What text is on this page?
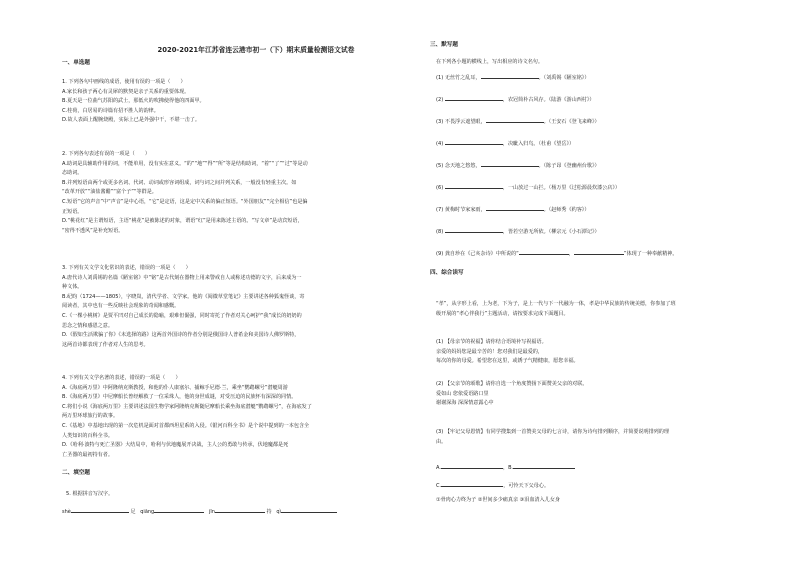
2020-2021年江苏省连云港市初一（下）期末质量检测语文试卷

一、单选题

1. 下列各句中画线的成语，使用有误的一项是（　　）
A.家长和孩子两心有灵犀的默契是亲子关系的重要体现。
B.夏天是一位曲气苏阳的武士，那低火的吹拂使得他的四面甲。
C.桂荷，白居易的诗篇有招不胜人的韵律。
D.故人表面上醒腕烧殿，实际上已是外强中干，不堪一击了。
2. 下列各句表述有误的一项是（　　）
A.助词是具辅助作用的词，不能单用，没有实在意义。“的”“地”“得”“所”等是结构助词，“着”“了”“过”等是动
态助词。
B.并列短语由两个或更多名词、代词、动词或形容词组成，词与词之间并列关系，一般没有轻重主次。如
“改革开放”“油盐酱醋”“富个子”“等群是。
C.短语“它的声音”中“声音”是中心语，“它”是定语，这是定中关系的偏正短语。“外国朋友”“完全相信”也是偏
正短语。
D.“桃花红”是主谓短语，主语“桃花”是被陈述的对象，谓语“红”是用来陈述主语的。“写文章”是动宾短语，
“密得不透风”是补充短语。
3. 下列有关文学文化常识的表述，错误的一项是（　　）
A.唐代诗人刘禹锡的名篇《陋室铭》中“铭”是古代刻在器物上用来警戒自人或称述功德的文字，后来成为一
种文体。
B.纪昀（1724——1805），字晓岚，清代学者、文学家。他的《阅微草堂笔记》主要讲述各种狐鬼怪谈，寄
阅读者，其中也有一些反映社会现象的奇闻和感慨。
C.《一棵小桃树》是贾平凹对自己成长的隐喻，艰难但倔强，同时寄托了作者对关心呵护“我”成长的奶奶的
思念之情和感恩之意。
D.《假如生活欺骗了你》《未选择的路》这两首外国诗的作者分别是俄国诗人普希金和美国诗人佛罗斯特，
这两首诗都表现了作者对人生的思考。
4. 下列有关文学名著的表述，错误的一项是（　　）
A.《海底两万里》中阿隆纳克斯教授，和他的仆人康塞尔、捕鲸手尼德·兰，乘坐“鹦鹉螺号”潜艇周游
B.《海底两万里》中尼摩船长曾经解救了一位采珠人，他的身世成谜，对受压迫的民族怀有深深的同情。
C.将们小说《海底两万里》主要讲述法国生物学家阿隆纳克斯随尼摩船长乘坐海底潜艇“鹦鹉螺号”，在海底发了
两万里环球旅行的故事。
C.《基地》中基地出现的第一次危机是面对首都西坦星系的入侵。《银河百科全书》是个说中提到的一本包含全
人类知识的百科全书。
D.《哈利·波特与死亡圣器》大结局中，哈利与伏地魔展开决战，主人公的勇敢与传承，伏地魔都是死
亡圣器的最初持有者。

二、填空题

5. 根据拼音写汉字。
shè	足 qiāng	jīn	持 qì

三、默写题

在下列各小题的横线上，写出相应的诗文名句。
(1) 无丝竹之乱耳，	。（刘禹锡《陋室铭》）
(2)	，农冠简朴古风存。（陆游《游山西村》）
(3) 不畏浮云遮望眼，	。（王安石《登飞来峰》）
(4)	，决眦入归鸟。（杜甫《望岳》）
(5) 念天地之悠悠，	。（陈子昂《登幽州台歌》）
(6)	，一山放过一山拦。（杨万里《过松源晨炊漆公店》）
(7) 黄梅时节家家雨，	。（赵师秀《约客》）
(8)	，皆若空游无所依。（柳宗元《小石潭记》）
(9) 龚自珍在《己亥杂诗》中所说的“	，	”体现了一种奉献精神。

四、综合读写

“孝”，从字形上看，上为老，下为子，是上一代与下一代融为一体，孝是中华民族的传统美德，你参加了班
级开展的“孝心伴我行”主题活动，请按要求完成下面题目。
(1) 【母亲节的祝福】请你结合语境补写祝福语。
亲爱的妈妈您是最辛苦的！您对我们是最爱的，
每次的你的母爱。希望您在这里，或锈子气精健康，愿您幸福。
(2) 【父亲节的颂歌】请你自选一个角度赞扬下面赞美父亲的对联。
爱如山 您依爱语路口里
谢谢深海 深深情意露心中
(3) 【牢记父母恩情】有同学搜集到一首赞美父母的七言诗，请你为诗句排列顺序，并简要说明排列的理
由。
A.	，B.
C.	，可怜天下父母心。
①骨肉心力终为子 ②世间多少痛真亲 ③泪血清入儿女身
